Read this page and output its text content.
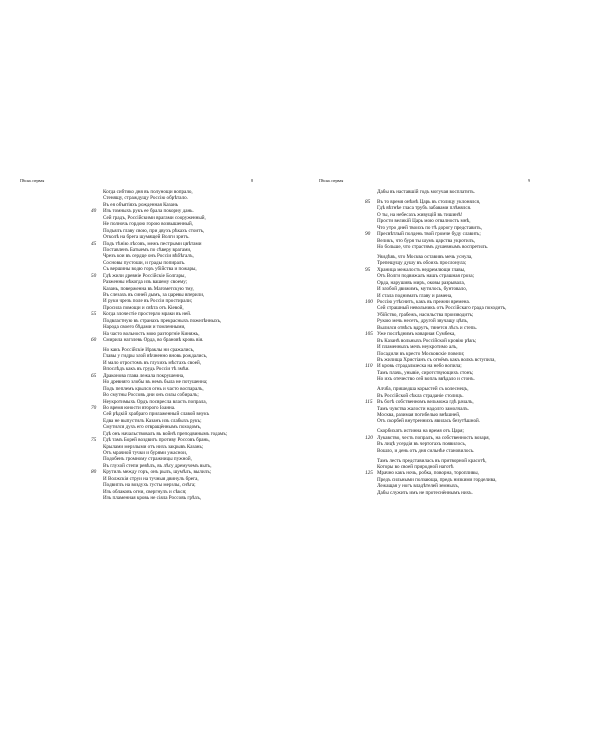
Пѣснь первая	8
Когда сибтико дня въ полунощи вопрало,
Стенящу, страждущу Россію обрѣтало.
Въ ея объятіяхъ рожденная Казань
40	Изъ томныхъ рукъ ее брала покорну дань.
Сей градъ, Россійскими врагами сооруженный,
Не полночь гордою горою возвышенный,
Подъялъ главу свою, при двухъ рѣкахъ стоитъ,
Отколѣ на брега шумящей Волги зритъ.
45	Подъ тѣнію лѣсовъ, межъ пестрыми цвѣтами
Поставленъ Батыемъ по сѣверу врагами,
Чрезъ кои въ сердце онъ Россіи вѣбѣгалъ,
Сосновы пустоши, и грады попиралъ.
Съ вершины водю горъ убійства и пожары,
50	Гдѣ жили древніе Россійскіе Болгары,
Разженны нѣкогда изъ вашему своему;
Казань, поверженна въ Магометскую тму,
Въ слезахъ въ синей дымъ, за царевы вперили,
И руки чрезъ поле въ Россіи простирали;
Просила помощи и свѣта отъ Кіевой,
55	Когда злочестіе простерло мраки въ ней.
Подвластную въ странахъ прекрасныхъ пожелѣнныхъ,
Народа своего бѣдами и томленными,
На часто вольность мою разторгніе Киняжь,
60	Смирила нагзлевь Орда, во брановѣ кровь вія.
Но какъ Россійскіе Ираклы ни сражались,
Главы у гидры злой вѣчненно вновь рождались,
И мало отростомъ въ глухихъ мѣстахъ своей,
Впослѣдъ какъ въ грудь Россіи тѣ змѣи.
65	Драконова глава лежала покрушенна,
Но древняго злобы въ немъ была не потушенна;
Подъ пеплемъ крылся огнь и часто воспаралъ,
Во смутны Россовъ дни онъ силы собиралъ;
Неукротимыхъ Ордъ посвресла власть попрала,
70	Во время юности второго Іоанна.
Сей рѣдкій храбраго прилаженный славой внукъ
Едва не выпустилъ Казанъ изъ слабыхъ рукъ;
Смутился духъ его отвращённымъ походомъ,
Гдѣ онъ начальствовалъ въ войнѣ преподвинымъ годамъ;
75	Гдѣ тамъ Борей воздвигъ противу Россовъ брань,
Крылами мерзлыми отъ нихъ закрывъ Казань;
Отъ мрачной тучки и бурями ужаснои,
Подобенъ громному стражницы пужной,
Въ глухой степи ревѣлъ, въ лѣсу дремучемъ выть,
80	Крутилъ между горъ, онъ рылъ, шумѣлъ, вылилъ;
И Волжскія струи на тучныя двинулъ брега,
Подвиглъ на воздухъ густы мерзлы, снѣга;
Изъ облаковъ огни, свергнулъ и сѣкся;
Изъ пламенная кровь не сіяла Россовъ грѣхъ,
Пѣснь первая	9
Дабы въ наставшій годъ могучая восплатить.
85	Въ то время онѣмѣ Царь въ столицу уклонялся,
Гдѣ вѣтнѣе гласа трубъ забавами плѣнялся.
О ты, на небесахъ живущій въ тишинѣ!
Прости великій Царь мою отвалность мнѣ,
Что утро дней твоихъ по тѣ дорогу представить,
90	Пресвѣтлый полдень твой громче буду славить;
Великъ, что буря ты шумъ царства укротилъ,
Но больше, что страстямъ душевнымъ воспретилъ.
Увидѣвъ, что Москва оставивъ мечь уснула,
Трепещущу душу въ обоихъ прослонула;
95	Храница межалость недремлющи главы,
Отъ Волги подвижалъ нашъ страшная гроза;
Орда, нарушивъ миръ, оковы разрывала,
И злобой движимъ, мутилось, бунтовало,
И стала поднимать главу и рамена,
100 Россію утѣснитъ, какъ въ прежни времена.
Сей страшный невольникъ отъ Россійскаго града походитъ,
Убійство, грабежъ, насильства производитъ;
Рукою мечь несетъ, другой звучащу цѣпь,
Вылился отвѣсъ вдругъ, тянется лѣсъ и степь.
105 Уже послѣднимъ коварная Сумбека,
Въ Казанѣ вольныхъ Россійской кровію рѣкъ;
И пламенныхъ мечъ неукротимо алъ,
Посадили въ кресто Московскіе повели;
Въ жилища Христіанъ съ огнёмъ какъ волкъ вступила,
110 И кровь страдальческа на небо вопила;
Тамъ плачь, унывіе, сиротствующихъ стонъ;
Но ихъ отечество сей вопль ввѣдало и стонъ.
Алчба, пришедша корыстей съ колеснецъ,
Въ Россійской сѣкла страданіе столицъ.
115 Въ богѣ собственномъ вельможа гдѣ рачалъ,
Тамъ чувства жалости надолго замолчалъ.
Москва, разимая погибелью внѣшней,
Отъ скорбей внутреннихъ явилась безутѣшной.
Скорбихатъ истинна на время отъ Царя;
120 Лукавство, честь попралъ, на собственность возаря,
Въ лицѣ усердія въ чертогахъ появилось,
Вошло, и день отъ дня сильнѣе становилось.
Тамъ лесть представилась въ притворной красотѣ,
Которы во своей природной наготѣ
125 Мрачно какъ ночь, робка, поворна, торопливы,
Предъ сильными ползающа, предъ низкими горделива,
Лежащая у ногъ владѣтелей земныхъ,
Дабы служить имъ не протеснённымъ нихъ.
